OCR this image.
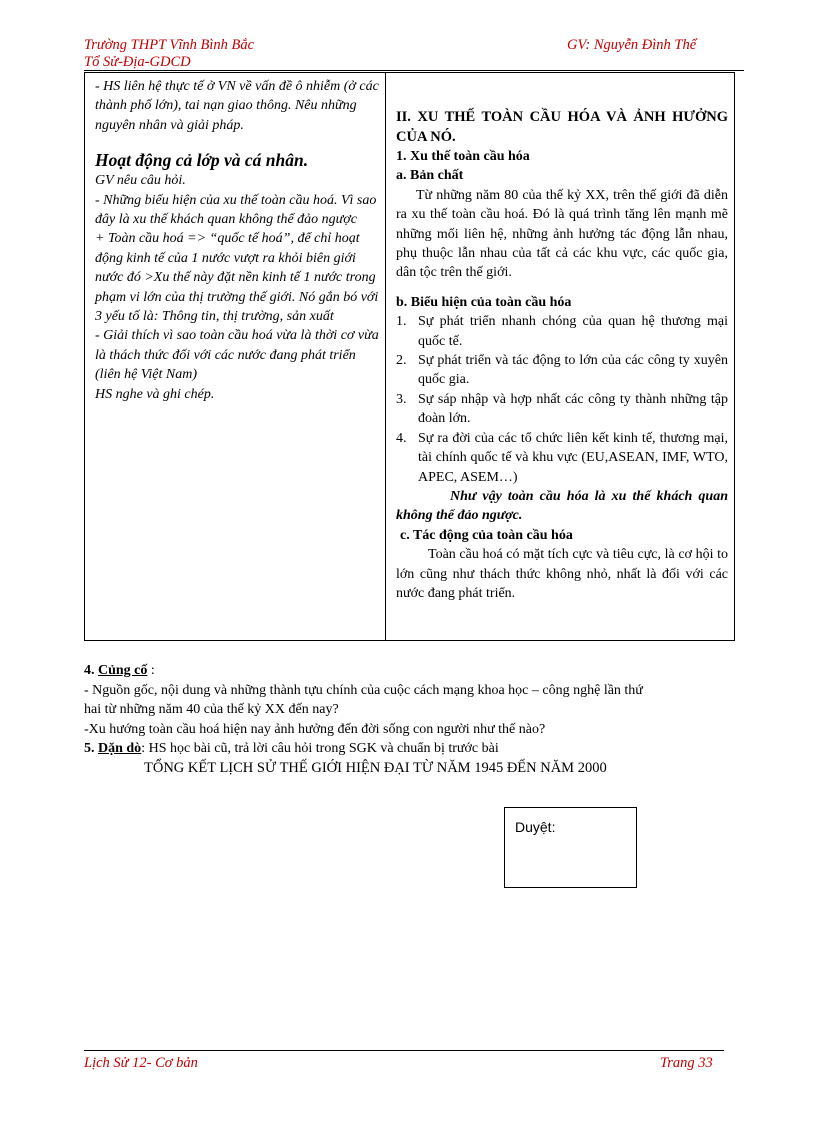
Trường THPT Vĩnh Bình Bắc
Tổ Sử-Địa-GDCD
GV: Nguyễn Đình Thể
- HS liên hệ thực tế ở VN về vấn đề ô nhiễm (ở các thành phố lớn), tai nạn giao thông. Nêu những nguyên nhân và giải pháp.
Hoạt động cả lớp và cá nhân.
GV nêu câu hỏi.
- Những biểu hiện của xu thế toàn cầu hoá. Vì sao đây là xu thế khách quan không thể đảo ngược
+ Toàn cầu hoá => “quốc tế hoá”, để chỉ hoạt động kinh tế của 1 nước vượt ra khỏi biên giới nước đó >Xu thế này đặt nền kinh tế 1 nước trong phạm vi lớn của thị trường thế giới. Nó gắn bó với 3 yếu tố là: Thông tin, thị trường, sản xuất
- Giải thích vì sao toàn cầu hoá vừa là thời cơ vừa là thách thức đối với các nước đang phát triển (liên hệ Việt Nam)
HS nghe và ghi chép.

II. XU THẾ TOÀN CẦU HÓA VÀ ẢNH HƯỞNG CỦA NÓ.
1. Xu thế toàn cầu hóa
a. Bản chất
Từ những năm 80 của thế kỷ XX, trên thế giới đã diễn ra xu thế toàn cầu hoá. Đó là quá trình tăng lên mạnh mẽ những mối liên hệ, những ảnh hưởng tác động lẫn nhau, phụ thuộc lẫn nhau của tất cả các khu vực, các quốc gia, dân tộc trên thế giới.
b. Biểu hiện của toàn cầu hóa
1. Sự phát triển nhanh chóng của quan hệ thương mại quốc tế.
2. Sự phát triển và tác động to lớn của các công ty xuyên quốc gia.
3. Sự sáp nhập và hợp nhất các công ty thành những tập đoàn lớn.
4. Sự ra đời của các tổ chức liên kết kinh tế, thương mại, tài chính quốc tế và khu vực (EU,ASEAN, IMF, WTO, APEC, ASEM…)
Như vậy toàn cầu hóa là xu thế khách quan không thể đảo ngược.
c. Tác động của toàn cầu hóa
Toàn cầu hoá có mặt tích cực và tiêu cực, là cơ hội to lớn cũng như thách thức không nhỏ, nhất là đối với các nước đang phát triển.
4. Củng cố :
- Nguồn gốc, nội dung và những thành tựu chính của cuộc cách mạng khoa học – công nghệ lần thứ hai từ những năm 40 của thế kỷ XX đến nay?
-Xu hướng toàn cầu hoá hiện nay ảnh hưởng đến đời sống con người như thế nào?
5. Dặn dò: HS học bài cũ, trả lời câu hỏi trong SGK và chuẩn bị trước bài
TỔNG KẾT LỊCH SỬ THẾ GIỚI HIỆN ĐẠI TỪ NĂM 1945 ĐẾN NĂM 2000
Duyệt:
Lịch Sử 12- Cơ bản	Trang 33
